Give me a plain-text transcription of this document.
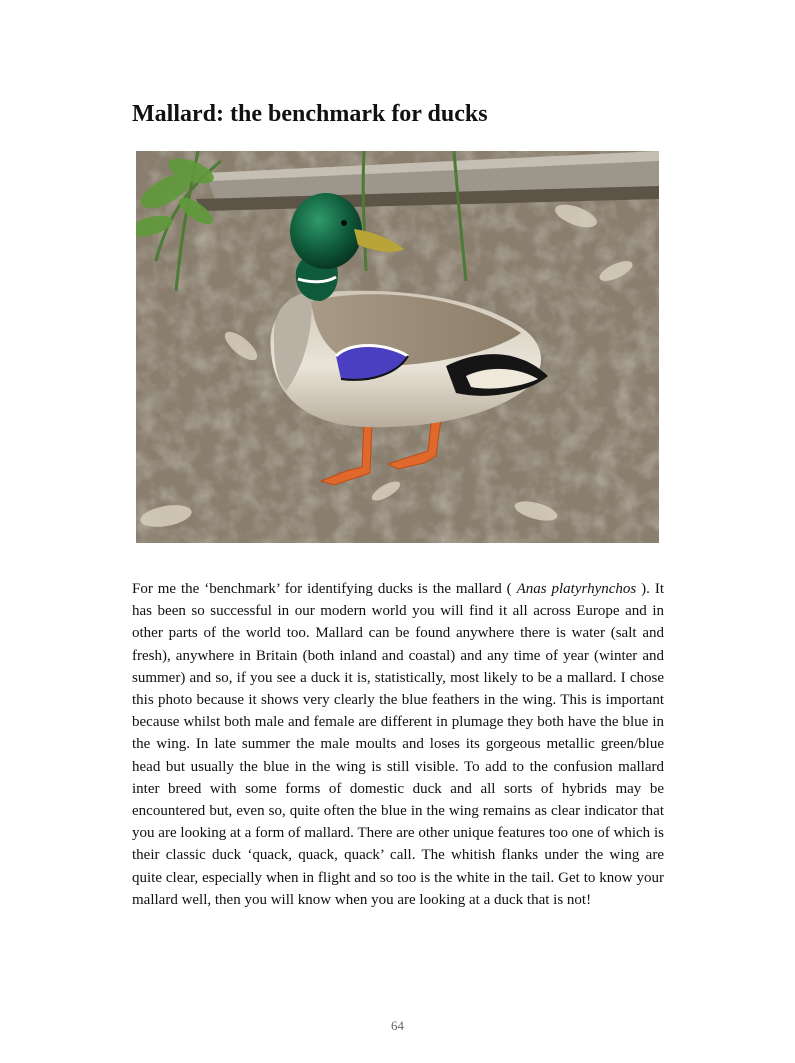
Mallard: the benchmark for ducks

For me the ‘benchmark’ for identifying ducks is the mallard ( Anas platyrhynchos ). It has been so successful in our modern world you will find it all across Europe and in other parts of the world too. Mallard can be found anywhere there is water (salt and fresh), anywhere in Britain (both inland and coastal) and any time of year (winter and summer) and so, if you see a duck it is, statistically, most likely to be a mallard. I chose this photo because it shows very clearly the blue feathers in the wing. This is important because whilst both male and female are different in plumage they both have the blue in the wing. In late summer the male moults and loses its gorgeous metallic green/blue head but usually the blue in the wing is still visible. To add to the confusion mallard inter breed with some forms of domestic duck and all sorts of hybrids may be encountered but, even so, quite often the blue in the wing remains as clear indicator that you are looking at a form of mallard. There are other unique features too one of which is their classic duck ‘quack, quack, quack’ call. The whitish flanks under the wing are quite clear, especially when in flight and so too is the white in the tail. Get to know your mallard well, then you will know when you are looking at a duck that is not!

64
